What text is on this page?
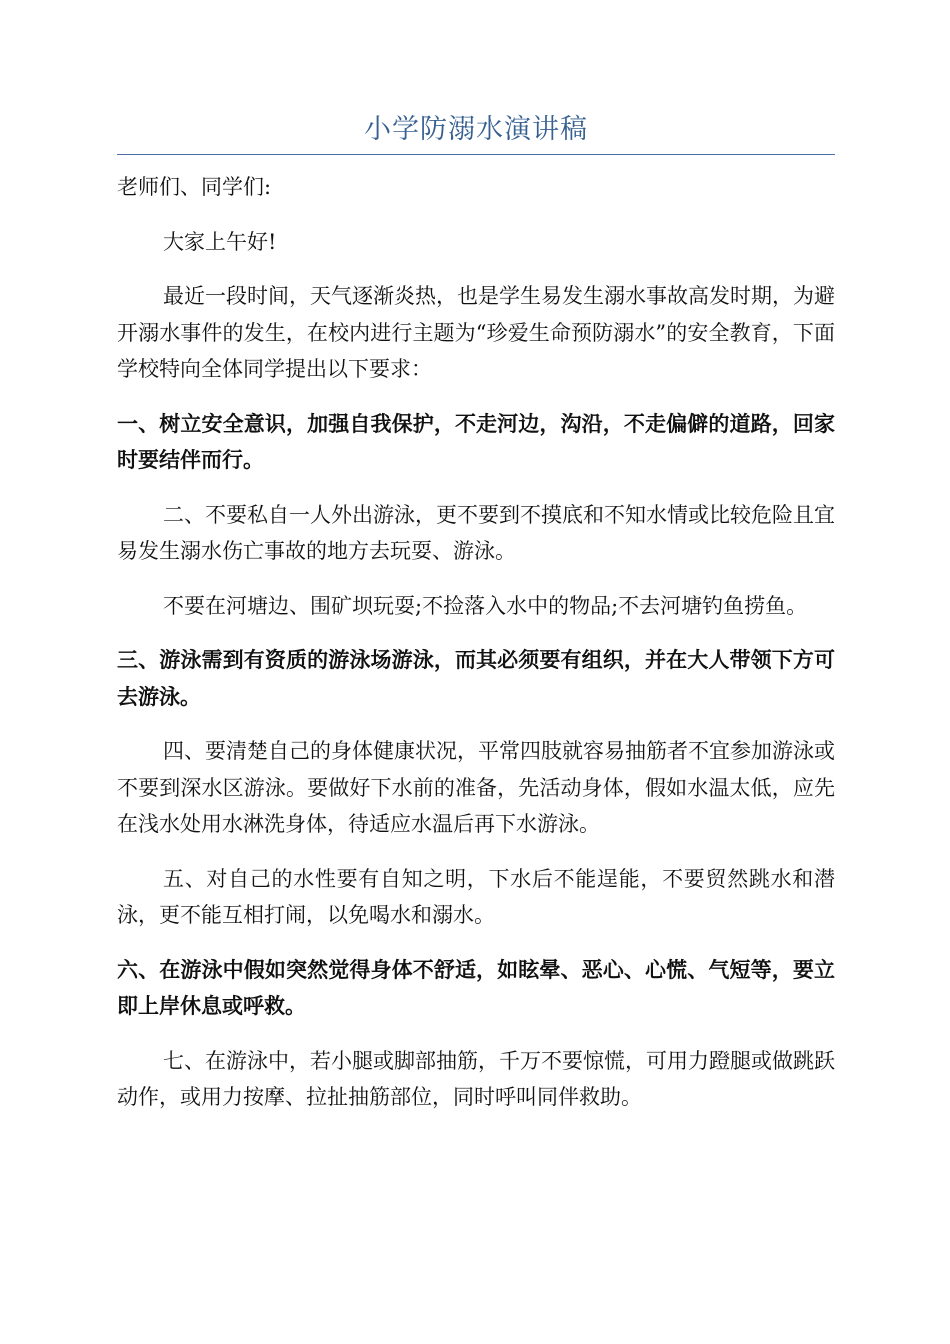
小学防溺水演讲稿

老师们、同学们:

大家上午好!

最近一段时间，天气逐渐炎热，也是学生易发生溺水事故高发时期，为避开溺水事件的发生，在校内进行主题为“珍爱生命预防溺水”的安全教育，下面学校特向全体同学提出以下要求：

一、树立安全意识，加强自我保护，不走河边，沟沿，不走偏僻的道路，回家时要结伴而行。

二、不要私自一人外出游泳，更不要到不摸底和不知水情或比较危险且宜易发生溺水伤亡事故的地方去玩耍、游泳。

不要在河塘边、围矿坝玩耍;不捡落入水中的物品;不去河塘钓鱼捞鱼。

三、游泳需到有资质的游泳场游泳，而其必须要有组织，并在大人带领下方可去游泳。

四、要清楚自己的身体健康状况，平常四肢就容易抽筋者不宜参加游泳或不要到深水区游泳。要做好下水前的准备，先活动身体，假如水温太低，应先在浅水处用水淋洗身体，待适应水温后再下水游泳。

五、对自己的水性要有自知之明，下水后不能逞能，不要贸然跳水和潜泳，更不能互相打闹，以免喝水和溺水。

六、在游泳中假如突然觉得身体不舒适，如眩晕、恶心、心慌、气短等，要立即上岸休息或呼救。

七、在游泳中，若小腿或脚部抽筋，千万不要惊慌，可用力蹬腿或做跳跃动作，或用力按摩、拉扯抽筋部位，同时呼叫同伴救助。
